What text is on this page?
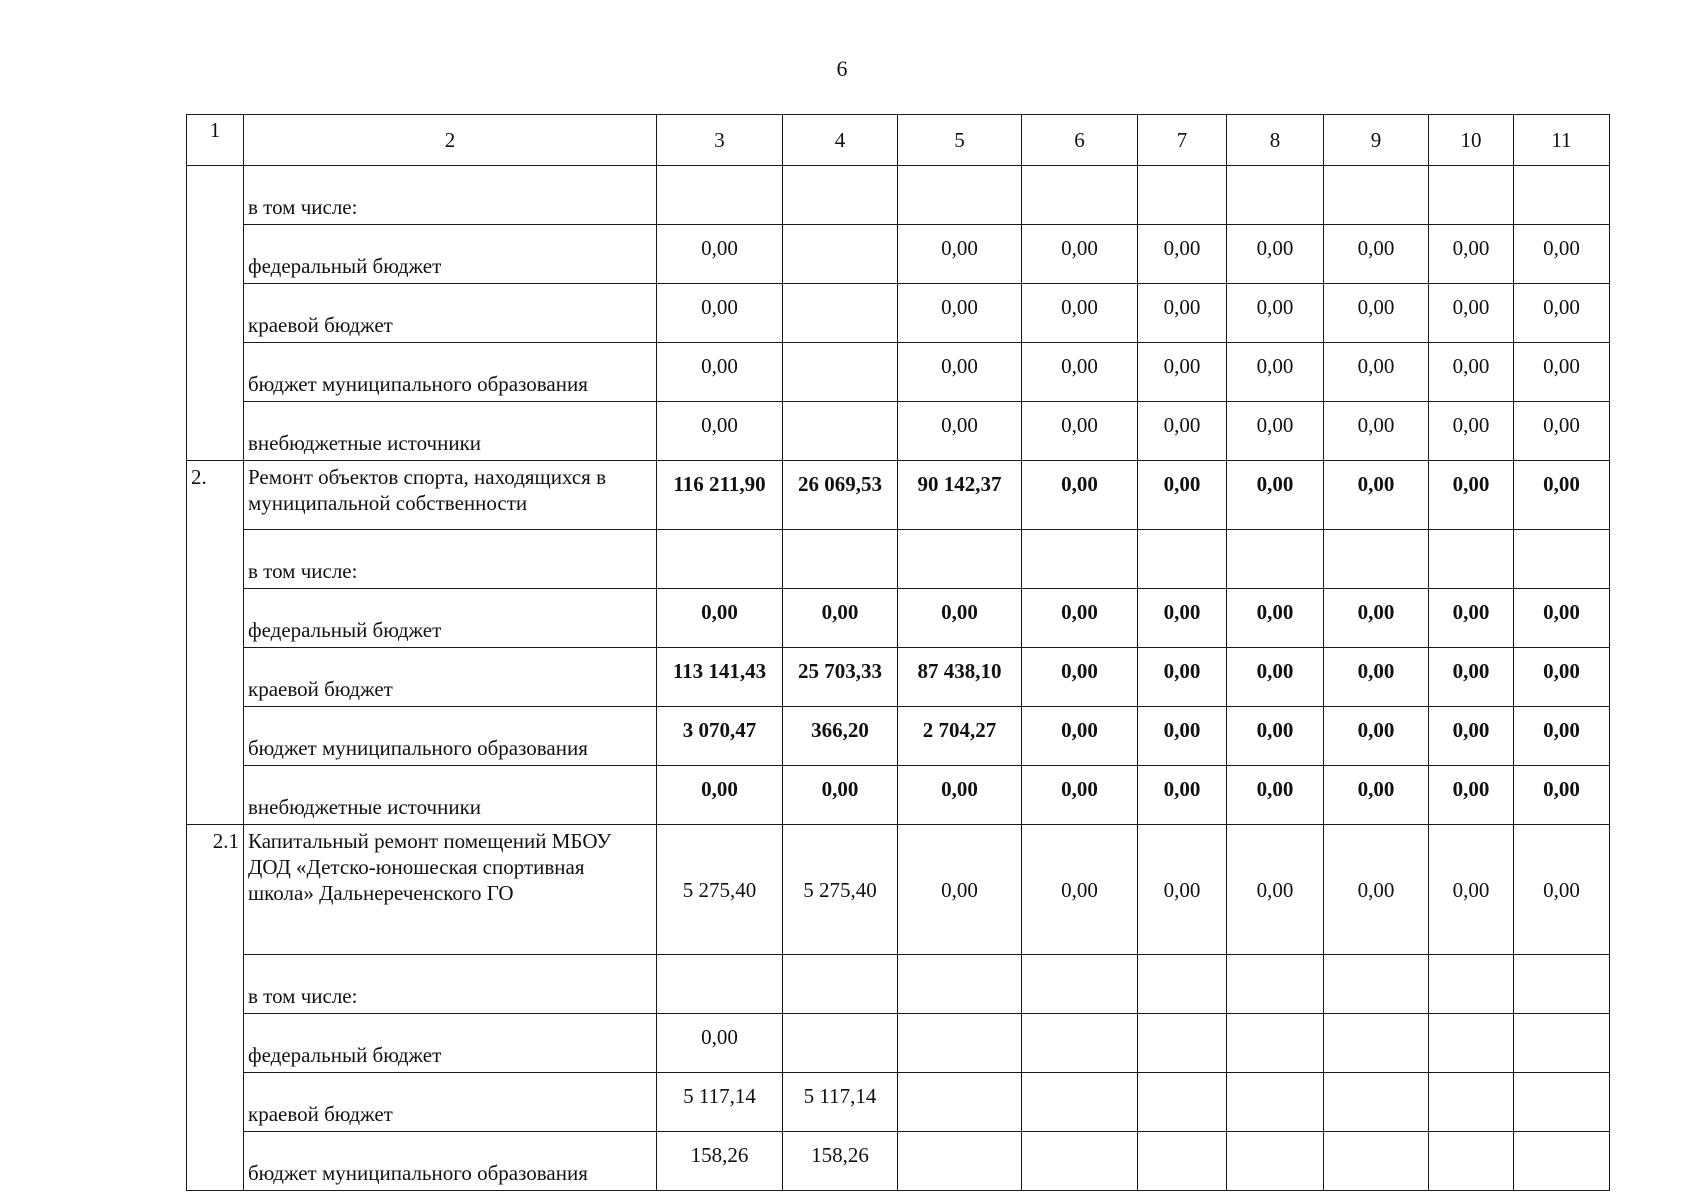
6
1	2	3	4	5	6	7	8	9	10	11
	в том числе:									
	федеральный бюджет	0,00		0,00	0,00	0,00	0,00	0,00	0,00	0,00
	краевой бюджет	0,00		0,00	0,00	0,00	0,00	0,00	0,00	0,00
	бюджет муниципального образования	0,00		0,00	0,00	0,00	0,00	0,00	0,00	0,00
	внебюджетные источники	0,00		0,00	0,00	0,00	0,00	0,00	0,00	0,00
2.	Ремонт объектов спорта, находящихся в муниципальной собственности	116 211,90	26 069,53	90 142,37	0,00	0,00	0,00	0,00	0,00	0,00
	в том числе:									
	федеральный бюджет	0,00	0,00	0,00	0,00	0,00	0,00	0,00	0,00	0,00
	краевой бюджет	113 141,43	25 703,33	87 438,10	0,00	0,00	0,00	0,00	0,00	0,00
	бюджет муниципального образования	3 070,47	366,20	2 704,27	0,00	0,00	0,00	0,00	0,00	0,00
	внебюджетные источники	0,00	0,00	0,00	0,00	0,00	0,00	0,00	0,00	0,00
2.1	Капитальный ремонт помещений МБОУ ДОД «Детско-юношеская спортивная школа» Дальнереченского ГО	5 275,40	5 275,40	0,00	0,00	0,00	0,00	0,00	0,00	0,00
	в том числе:									
	федеральный бюджет	0,00								
	краевой бюджет	5 117,14	5 117,14							
	бюджет муниципального образования	158,26	158,26							
